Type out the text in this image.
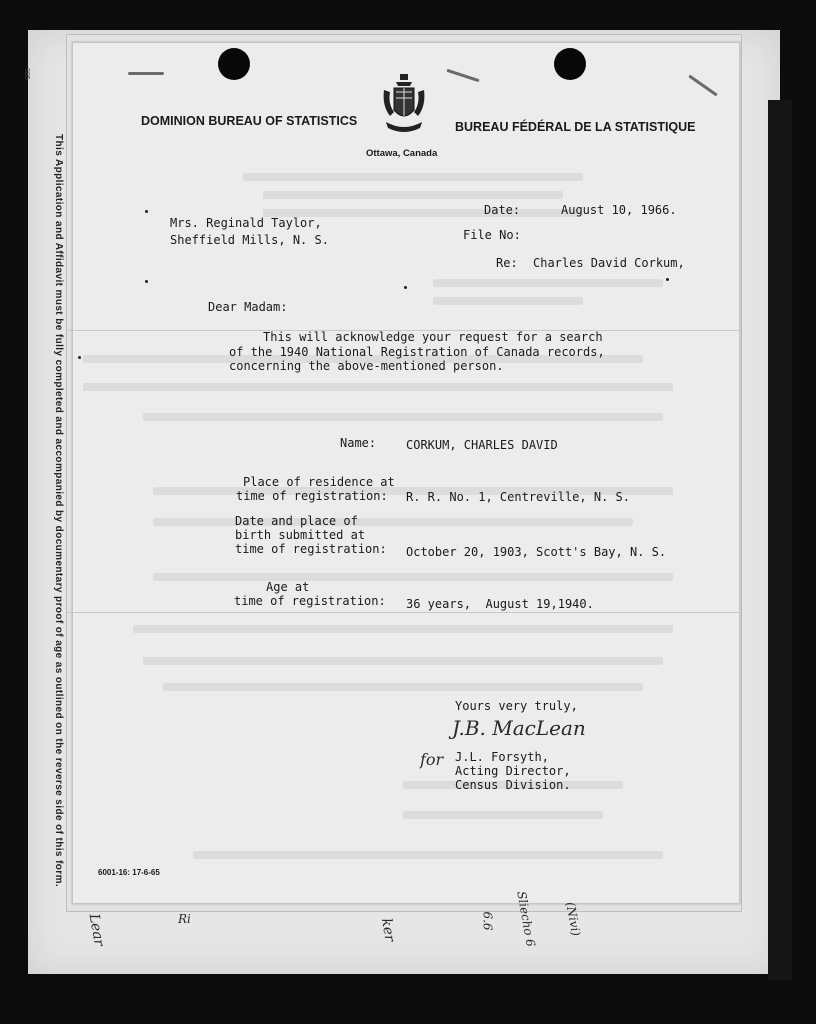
385
This Application and Affidavit must be fully completed and accompanied by documentary proof of age as outlined on the reverse side of this form.
DOMINION BUREAU OF STATISTICS	BUREAU FÉDÉRAL DE LA STATISTIQUE
Ottawa, Canada
Date:	August 10, 1966.
File No:
Re: Charles David Corkum,
Mrs. Reginald Taylor,
Sheffield Mills, N. S.
Dear Madam:
This will acknowledge your request for a search
of the 1940 National Registration of Canada records,
concerning the above-mentioned person.
Name: CORKUM, CHARLES DAVID
Place of residence at
time of registration: R. R. No. 1, Centreville, N. S.
Date and place of
birth submitted at
time of registration: October 20, 1903, Scott's Bay, N. S.
Age at
time of registration: 36 years,  August 19,1940.
Yours very truly,
J.B. MacLean
for J.L. Forsyth,
Acting Director,
Census Division.
6001-16: 17-6-65
Lear	Ri	ker	6.6 Sliecho 6 (Nivi)
